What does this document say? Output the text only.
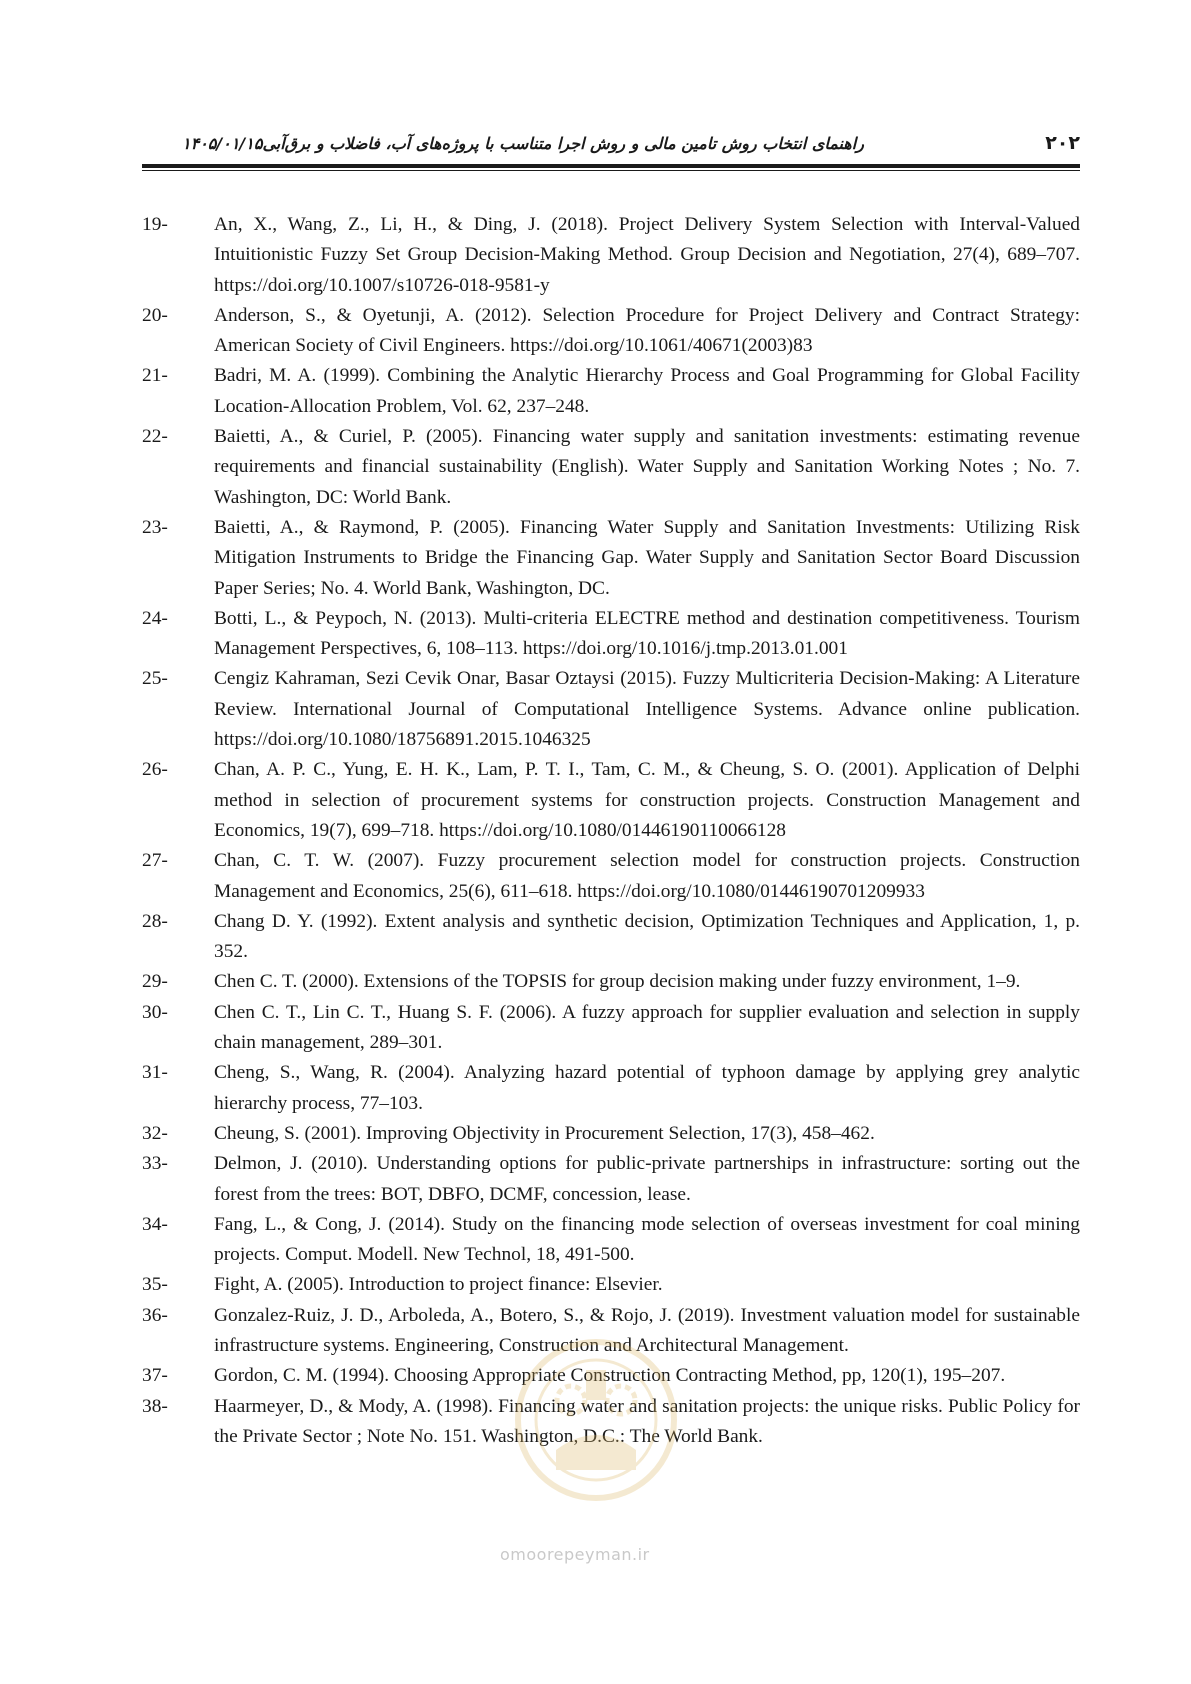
۲۰۲
راهنمای انتخاب روش تامین مالی و روش اجرا متناسب با پروژه‌های آب، فاضلاب و برق‌آبی۱۴۰۵/۰۱/۱۵

19-	An, X., Wang, Z., Li, H., & Ding, J. (2018). Project Delivery System Selection with Interval-Valued Intuitionistic Fuzzy Set Group Decision-Making Method. Group Decision and Negotiation, 27(4), 689–707. https://doi.org/10.1007/s10726-018-9581-y

20-	Anderson, S., & Oyetunji, A. (2012). Selection Procedure for Project Delivery and Contract Strategy: American Society of Civil Engineers. https://doi.org/10.1061/40671(2003)83

21-	Badri, M. A. (1999). Combining the Analytic Hierarchy Process and Goal Programming for Global Facility Location-Allocation Problem, Vol. 62, 237–248.

22-	Baietti, A., & Curiel, P. (2005). Financing water supply and sanitation investments: estimating revenue requirements and financial sustainability (English). Water Supply and Sanitation Working Notes ; No. 7. Washington, DC: World Bank.

23-	Baietti, A., & Raymond, P. (2005). Financing Water Supply and Sanitation Investments: Utilizing Risk Mitigation Instruments to Bridge the Financing Gap. Water Supply and Sanitation Sector Board Discussion Paper Series; No. 4. World Bank, Washington, DC.

24-	Botti, L., & Peypoch, N. (2013). Multi-criteria ELECTRE method and destination competitiveness. Tourism Management Perspectives, 6, 108–113. https://doi.org/10.1016/j.tmp.2013.01.001

25-	Cengiz Kahraman, Sezi Cevik Onar, Basar Oztaysi (2015). Fuzzy Multicriteria Decision-Making: A Literature Review. International Journal of Computational Intelligence Systems. Advance online publication. https://doi.org/10.1080/18756891.2015.1046325

26-	Chan, A. P. C., Yung, E. H. K., Lam, P. T. I., Tam, C. M., & Cheung, S. O. (2001). Application of Delphi method in selection of procurement systems for construction projects. Construction Management and Economics, 19(7), 699–718. https://doi.org/10.1080/01446190110066128

27-	Chan, C. T. W. (2007). Fuzzy procurement selection model for construction projects. Construction Management and Economics, 25(6), 611–618. https://doi.org/10.1080/01446190701209933

28-	Chang D. Y. (1992). Extent analysis and synthetic decision, Optimization Techniques and Application, 1, p. 352.

29-	Chen C. T. (2000). Extensions of the TOPSIS for group decision making under fuzzy environment, 1–9.

30-	Chen C. T., Lin C. T., Huang S. F. (2006). A fuzzy approach for supplier evaluation and selection in supply chain management, 289–301.

31-	Cheng, S., Wang, R. (2004). Analyzing hazard potential of typhoon damage by applying grey analytic hierarchy process, 77–103.

32-	Cheung, S. (2001). Improving Objectivity in Procurement Selection, 17(3), 458–462.

33-	Delmon, J. (2010). Understanding options for public-private partnerships in infrastructure: sorting out the forest from the trees: BOT, DBFO, DCMF, concession, lease.

34-	Fang, L., & Cong, J. (2014). Study on the financing mode selection of overseas investment for coal mining projects. Comput. Modell. New Technol, 18, 491-500.

35-	Fight, A. (2005). Introduction to project finance: Elsevier.

36-	Gonzalez-Ruiz, J. D., Arboleda, A., Botero, S., & Rojo, J. (2019). Investment valuation model for sustainable infrastructure systems. Engineering, Construction and Architectural Management.

37-	Gordon, C. M. (1994). Choosing Appropriate Construction Contracting Method, pp, 120(1), 195–207.

38-	Haarmeyer, D., & Mody, A. (1998). Financing water and sanitation projects: the unique risks. Public Policy for the Private Sector ; Note No. 151. Washington, D.C.: The World Bank.

omoorepeyman.ir
